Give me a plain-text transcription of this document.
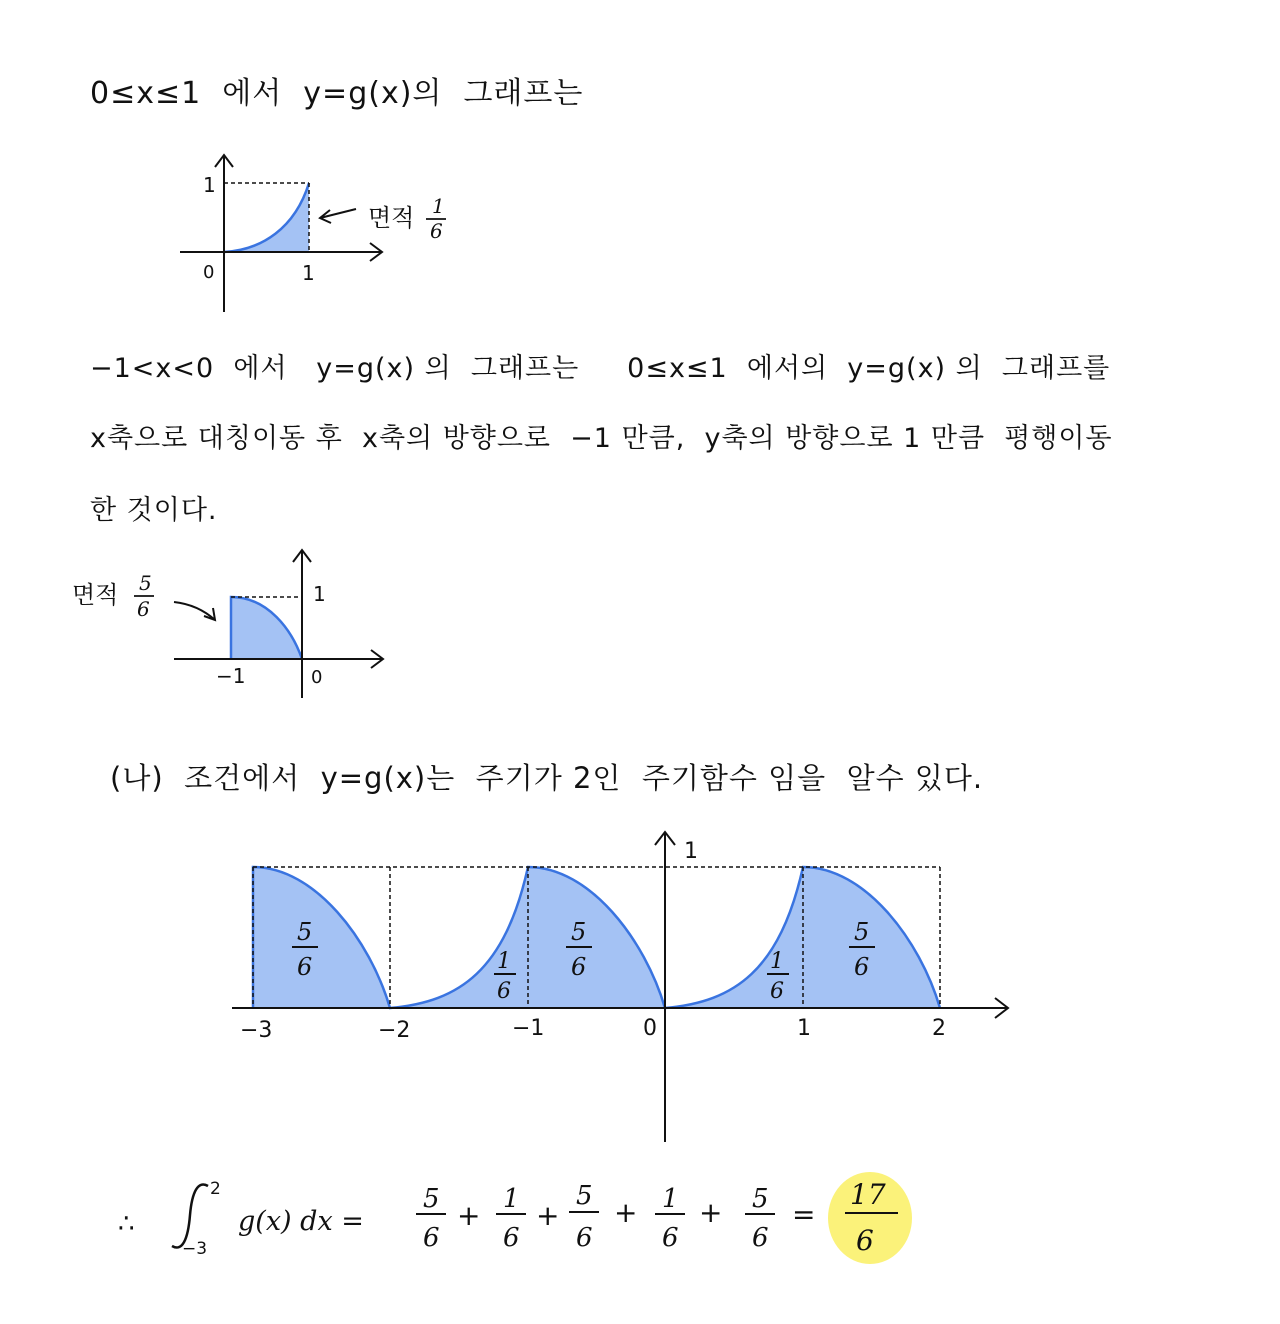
0≤x≤1  에서  y=g(x)의  그래프는
−1<x<0  에서   y=g(x) 의  그래프는     0≤x≤1  에서의  y=g(x) 의  그래프를
x축으로 대칭이동 후  x축의 방향으로  −1 만큼,  y축의 방향으로 1 만큼  평행이동
한 것이다.
(나)  조건에서  y=g(x)는  주기가 2인  주기함수 임을  알수 있다.
1
1
0
면적 1
6
1
−1	0
면적 5
6
1
−3	−2	−1	0	1	2
5
6	1
6
5
6	1
6
5
6
∴
2
−3
g(x) dx =
5
6
+ 1
6
+
5
6
+ 1
6
+ 5
6
=
17
6
